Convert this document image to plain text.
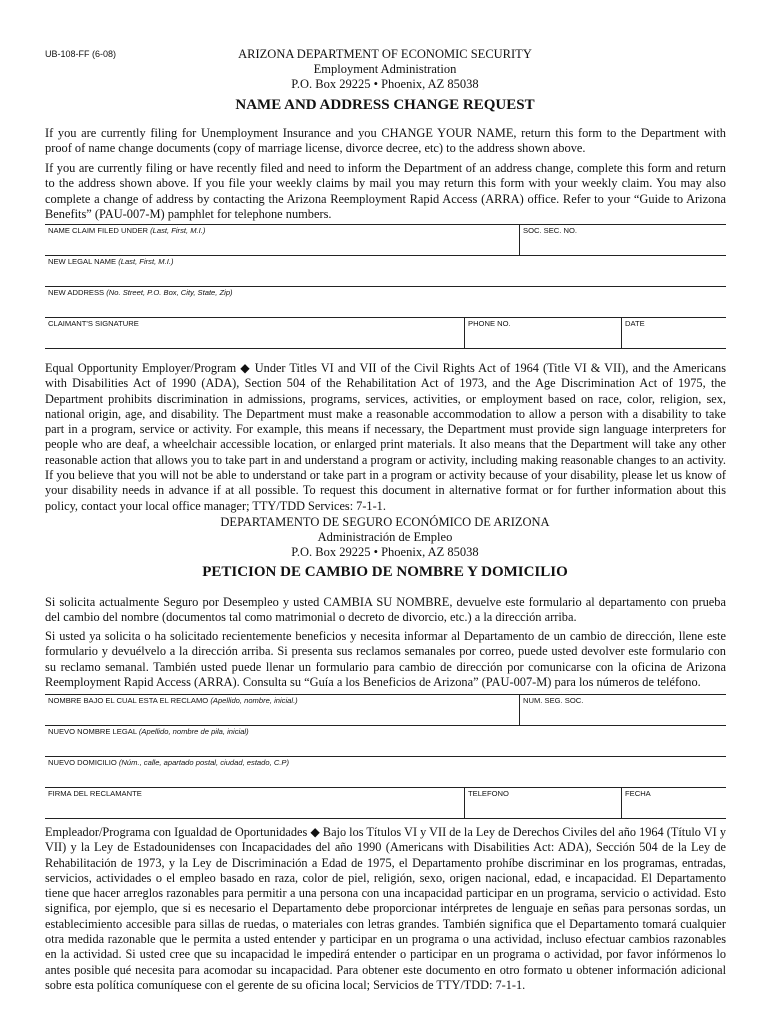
UB-108-FF (6-08)	ARIZONA DEPARTMENT OF ECONOMIC SECURITY
Employment Administration
P.O. Box 29225 • Phoenix, AZ 85038
NAME AND ADDRESS CHANGE REQUEST
If you are currently filing for Unemployment Insurance and you CHANGE YOUR NAME, return this form to the Department with proof of name change documents (copy of marriage license, divorce decree, etc) to the address shown above.
If you are currently filing or have recently filed and need to inform the Department of an address change, complete this form and return to the address shown above. If you file your weekly claims by mail you may return this form with your weekly claim. You may also complete a change of address by contacting the Arizona Reemployment Rapid Access (ARRA) office. Refer to your “Guide to Arizona Benefits” (PAU-007-M) pamphlet for telephone numbers.
NAME CLAIM FILED UNDER (Last, First, M.I.)	SOC. SEC. NO.
NEW LEGAL NAME (Last, First, M.I.)
NEW ADDRESS (No. Street, P.O. Box, City, State, Zip)
CLAIMANT'S SIGNATURE	PHONE NO.	DATE
Equal Opportunity Employer/Program ◆ Under Titles VI and VII of the Civil Rights Act of 1964 (Title VI & VII), and the Americans with Disabilities Act of 1990 (ADA), Section 504 of the Rehabilitation Act of 1973, and the Age Discrimination Act of 1975, the Department prohibits discrimination in admissions, programs, services, activities, or employment based on race, color, religion, sex, national origin, age, and disability. The Department must make a reasonable accommodation to allow a person with a disability to take part in a program, service or activity. For example, this means if necessary, the Department must provide sign language interpreters for people who are deaf, a wheelchair accessible location, or enlarged print materials. It also means that the Department will take any other reasonable action that allows you to take part in and understand a program or activity, including making reasonable changes to an activity. If you believe that you will not be able to understand or take part in a program or activity because of your disability, please let us know of your disability needs in advance if at all possible. To request this document in alternative format or for further information about this policy, contact your local office manager; TTY/TDD Services: 7-1-1.
DEPARTAMENTO DE SEGURO ECONÓMICO DE ARIZONA
Administración de Empleo
P.O. Box 29225 • Phoenix, AZ 85038
PETICION DE CAMBIO DE NOMBRE Y DOMICILIO
Si solicita actualmente Seguro por Desempleo y usted CAMBIA SU NOMBRE, devuelve este formulario al departamento con prueba del cambio del nombre (documentos tal como matrimonial o decreto de divorcio, etc.) a la dirección arriba.
Si usted ya solicita o ha solicitado recientemente beneficios y necesita informar al Departamento de un cambio de dirección, llene este formulario y devuélvelo a la dirección arriba. Si presenta sus reclamos semanales por correo, puede usted devolver este formulario con su reclamo semanal. También usted puede llenar un formulario para cambio de dirección por comunicarse con la oficina de Arizona Reemployment Rapid Access (ARRA). Consulta su “Guía a los Beneficios de Arizona” (PAU-007-M) para los números de teléfono.
NOMBRE BAJO EL CUAL ESTA EL RECLAMO (Apellido, nombre, inicial.)	NUM. SEG. SOC.
NUEVO NOMBRE LEGAL (Apellido, nombre de pila, inicial)
NUEVO DOMICILIO (Núm., calle, apartado postal, ciudad, estado, C.P)
FIRMA DEL RECLAMANTE	TELEFONO	FECHA
Empleador/Programa con Igualdad de Oportunidades ◆ Bajo los Títulos VI y VII de la Ley de Derechos Civiles del año 1964 (Título VI y VII) y la Ley de Estadounidenses con Incapacidades del año 1990 (Americans with Disabilities Act: ADA), Sección 504 de la Ley de Rehabilitación de 1973, y la Ley de Discriminación a Edad de 1975, el Departamento prohíbe discriminar en los programas, entradas, servicios, actividades o el empleo basado en raza, color de piel, religión, sexo, origen nacional, edad, e incapacidad. El Departamento tiene que hacer arreglos razonables para permitir a una persona con una incapacidad participar en un programa, servicio o actividad. Esto significa, por ejemplo, que si es necesario el Departamento debe proporcionar intérpretes de lenguaje en señas para personas sordas, un establecimiento accesible para sillas de ruedas, o materiales con letras grandes. También significa que el Departamento tomará cualquier otra medida razonable que le permita a usted entender y participar en un programa o una actividad, incluso efectuar cambios razonables en la actividad. Si usted cree que su incapacidad le impedirá entender o participar en un programa o actividad, por favor infórmenos lo antes posible qué necesita para acomodar su incapacidad. Para obtener este documento en otro formato u obtener información adicional sobre esta política comuníquese con el gerente de su oficina local; Servicios de TTY/TDD: 7-1-1.
